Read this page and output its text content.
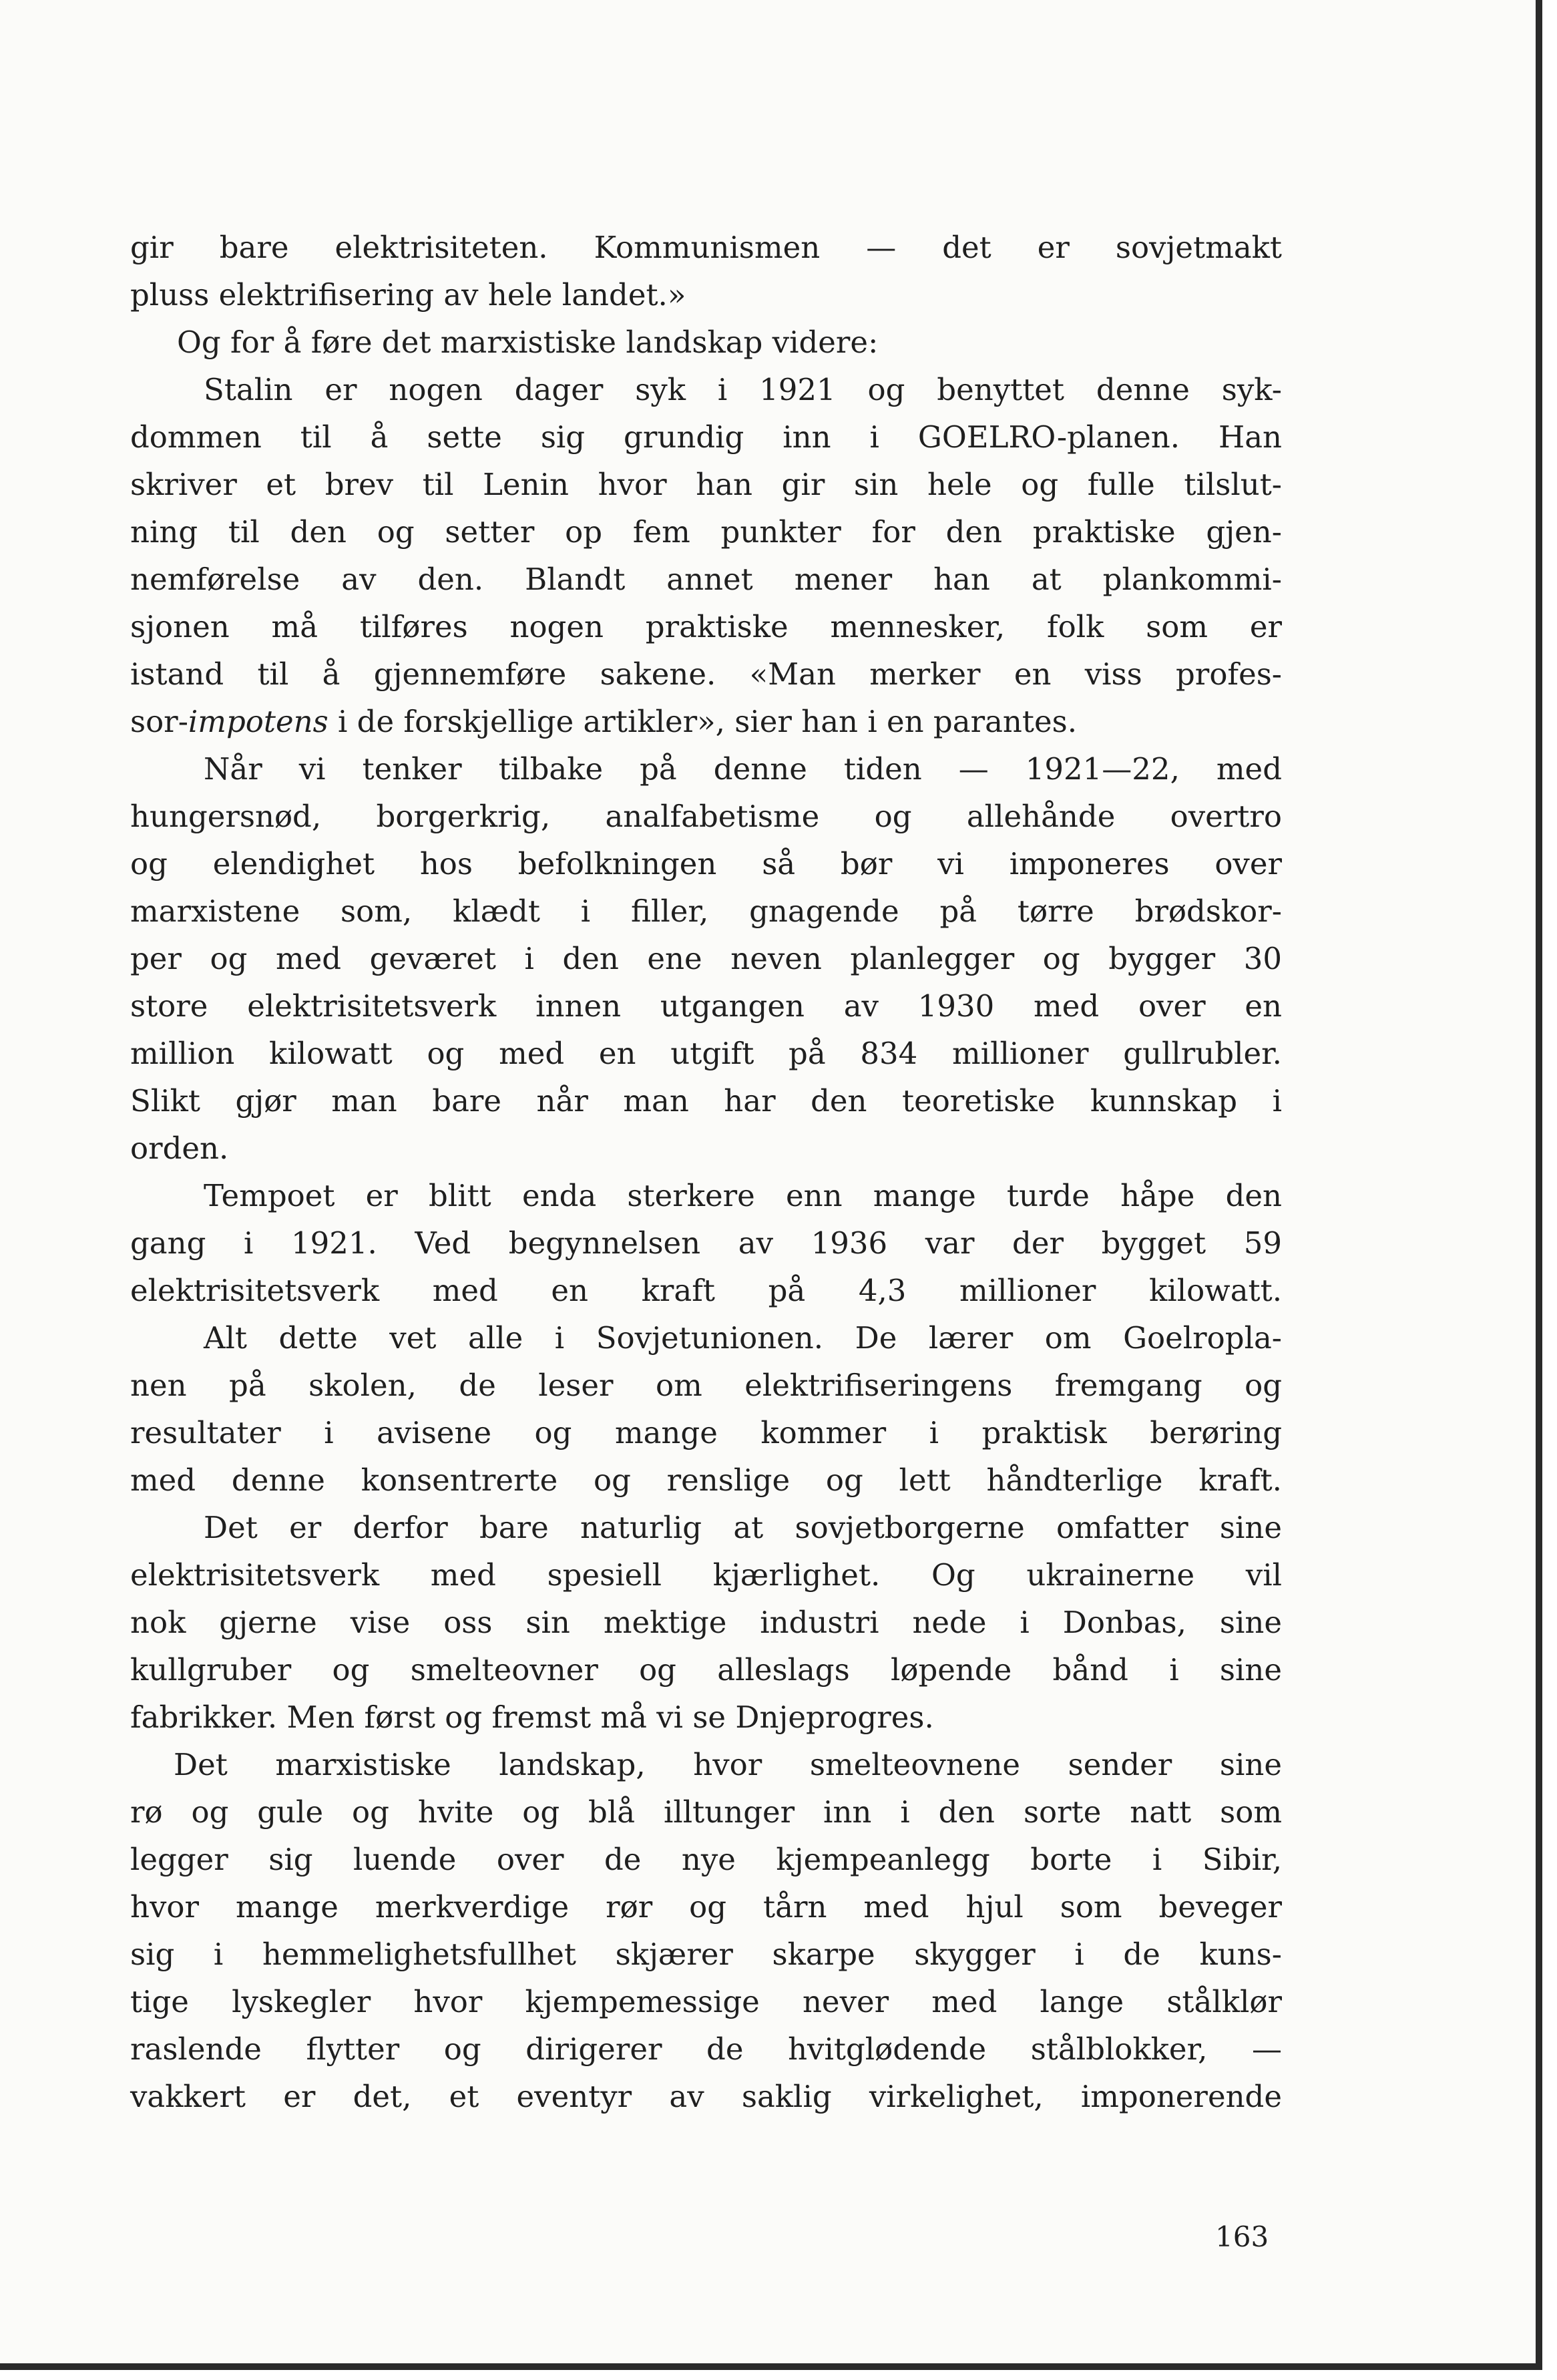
gir bare elektrisiteten. Kommunismen — det er sovjetmakt
pluss elektrifisering av hele landet.»
Og for å føre det marxistiske landskap videre:
Stalin er nogen dager syk i 1921 og benyttet denne syk-
dommen til å sette sig grundig inn i GOELRO-planen. Han
skriver et brev til Lenin hvor han gir sin hele og fulle tilslut-
ning til den og setter op fem punkter for den praktiske gjen-
nemførelse av den. Blandt annet mener han at plankommi-
sjonen må tilføres nogen praktiske mennesker, folk som er
istand til å gjennemføre sakene. «Man merker en viss profes-
sor-impotens i de forskjellige artikler», sier han i en parantes.
Når vi tenker tilbake på denne tiden — 1921—22, med
hungersnød, borgerkrig, analfabetisme og allehånde overtro
og elendighet hos befolkningen så bør vi imponeres over
marxistene som, klædt i filler, gnagende på tørre brødskor-
per og med geværet i den ene neven planlegger og bygger 30
store elektrisitetsverk innen utgangen av 1930 med over en
million kilowatt og med en utgift på 834 millioner gullrubler.
Slikt gjør man bare når man har den teoretiske kunnskap i
orden.
Tempoet er blitt enda sterkere enn mange turde håpe den
gang i 1921. Ved begynnelsen av 1936 var der bygget 59
elektrisitetsverk med en kraft på 4,3 millioner kilowatt.
Alt dette vet alle i Sovjetunionen. De lærer om Goelropla-
nen på skolen, de leser om elektrifiseringens fremgang og
resultater i avisene og mange kommer i praktisk berøring
med denne konsentrerte og renslige og lett håndterlige kraft.
Det er derfor bare naturlig at sovjetborgerne omfatter sine
elektrisitetsverk med spesiell kjærlighet. Og ukrainerne vil
nok gjerne vise oss sin mektige industri nede i Donbas, sine
kullgruber og smelteovner og alleslags løpende bånd i sine
fabrikker. Men først og fremst må vi se Dnjeprogres.
Det marxistiske landskap, hvor smelteovnene sender sine
rø og gule og hvite og blå illtunger inn i den sorte natt som
legger sig luende over de nye kjempeanlegg borte i Sibir,
hvor mange merkverdige rør og tårn med hjul som beveger
sig i hemmelighetsfullhet skjærer skarpe skygger i de kuns-
tige lyskegler hvor kjempemessige never med lange stålklør
raslende flytter og dirigerer de hvitglødende stålblokker, —
vakkert er det, et eventyr av saklig virkelighet, imponerende
163
